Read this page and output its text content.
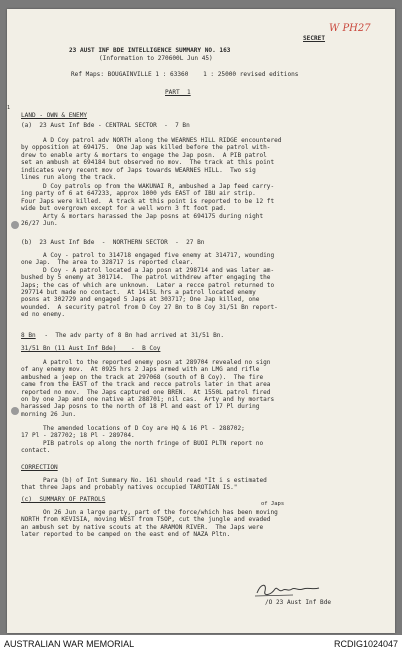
W PH27
SECRET
23 AUST INF BDE INTELLIGENCE SUMMARY NO. 163
(Information to 270600L Jun 45)
Ref Maps: BOUGAINVILLE 1 : 63360    1 : 25000 revised editions
PART  1
1
LAND - OWN & ENEMY
(a)  23 Aust Inf Bde - CENTRAL SECTOR  -  7 Bn
A D Coy patrol adv NORTH along the WEARNES HILL RIDGE encountered
by opposition at 694175.  One Jap was killed before the patrol with-
drew to enable arty & mortars to engage the Jap posn.  A PIB patrol
set an ambush at 694184 but observed no mov.  The track at this point
indicates very recent mov of Japs towards WEARNES HILL.  Two sig
lines run along the track.
D Coy patrols op from the WAKUNAI R, ambushed a Jap feed carry-
ing party of 6 at 647233, approx 1000 yds EAST of IBU air strip.
Four Japs were killed.  A track at this point is reported to be 12 ft
wide but overgrown except for a well worn 3 ft foot pad.
Arty & mortars harassed the Jap posns at 694175 during night
26/27 Jun.
(b)  23 Aust Inf Bde  -  NORTHERN SECTOR  -  27 Bn
A Coy - patrol to 314718 engaged five enemy at 314717, wounding
one Jap.  The area to 328717 is reported clear.
D Coy - A patrol located a Jap posn at 298714 and was later am-
bushed by 5 enemy at 301714.  The patrol withdrew after engaging the
Japs; the cas of which are unknown.  Later a recce patrol returned to
297714 but made no contact.  At 1415L hrs a patrol located enemy
posns at 302729 and engaged 5 Japs at 303717; One Jap killed, one
wounded.  A security patrol from D Coy 27 Bn to B Coy 31/51 Bn report-
ed no enemy.
8 Bn -  The adv party of 8 Bn had arrived at 31/51 Bn.
31/51 Bn (11 Aust Inf Bde)    -  B Coy
A patrol to the reported enemy posn at 289704 revealed no sign
of any enemy mov.  At 0925 hrs 2 Japs armed with an LMG and rifle
ambushed a jeep on the track at 297068 (south of B Coy).  The fire
came from the EAST of the track and recce patrols later in that area
reported no mov.  The Japs captured one BREN.  At 1550L patrol fired
on by one Jap and one native at 288701; nil cas.  Arty and hy mortars
harassed Jap posns to the north of 18 Pl and east of 17 Pl during
morning 26 Jun.
The amended locations of D Coy are HQ & 16 Pl - 288702;
17 Pl - 287702; 18 Pl - 289704.
PIB patrols op along the north fringe of BUOI PLTN report no
contact.
CORRECTION
Para (b) of Int Summary No. 161 should read "It i s estimated
that three Japs and probably natives occupied TAROTIAN IS."
(c)  SUMMARY OF PATROLS
of Japs
On 26 Jun a large party, part of the force/which has been moving
NORTH from KEVISIA, moving WEST from TSOP, cut the jungle and evaded
an ambush set by native scouts at the ARAMON RIVER.  The Japs were
later reported to be camped on the east end of NAZA Pltn.
/O 23 Aust Inf Bde
AUSTRALIAN WAR MEMORIAL	RCDIG1024047
